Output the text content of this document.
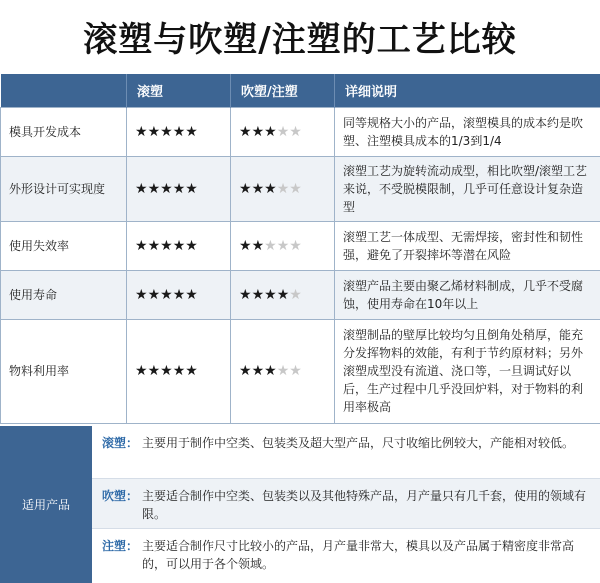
滚塑与吹塑/注塑的工艺比较
	滚塑	吹塑/注塑	详细说明
模具开发成本	★★★★★	★★★★★	同等规格大小的产品，滚塑模具的成本约是吹塑、注塑模具成本的1/3到1/4
外形设计可实现度	★★★★★	★★★★★	滚塑工艺为旋转流动成型，相比吹塑/滚塑工艺来说，不受脱模限制，几乎可任意设计复杂造型
使用失效率	★★★★★	★★★★★	滚塑工艺一体成型、无需焊接，密封性和韧性强，避免了开裂摔坏等潜在风险
使用寿命	★★★★★	★★★★★	滚塑产品主要由聚乙烯材料制成，几乎不受腐蚀，使用寿命在10年以上
物料利用率	★★★★★	★★★★★	滚塑制品的壁厚比较均匀且倒角处稍厚，能充分发挥物料的效能，有利于节约原材料；另外滚塑成型没有流道、浇口等，一旦调试好以后，生产过程中几乎没回炉料，对于物料的利用率极高
适用产品
滚塑： 主要用于制作中空类、包装类及超大型产品，尺寸收缩比例较大，产能相对较低。
吹塑： 主要适合制作中空类、包装类以及其他特殊产品，月产量只有几千套，使用的领域有限。
注塑： 主要适合制作尺寸比较小的产品，月产量非常大，模具以及产品属于精密度非常高的，可以用于各个领域。
